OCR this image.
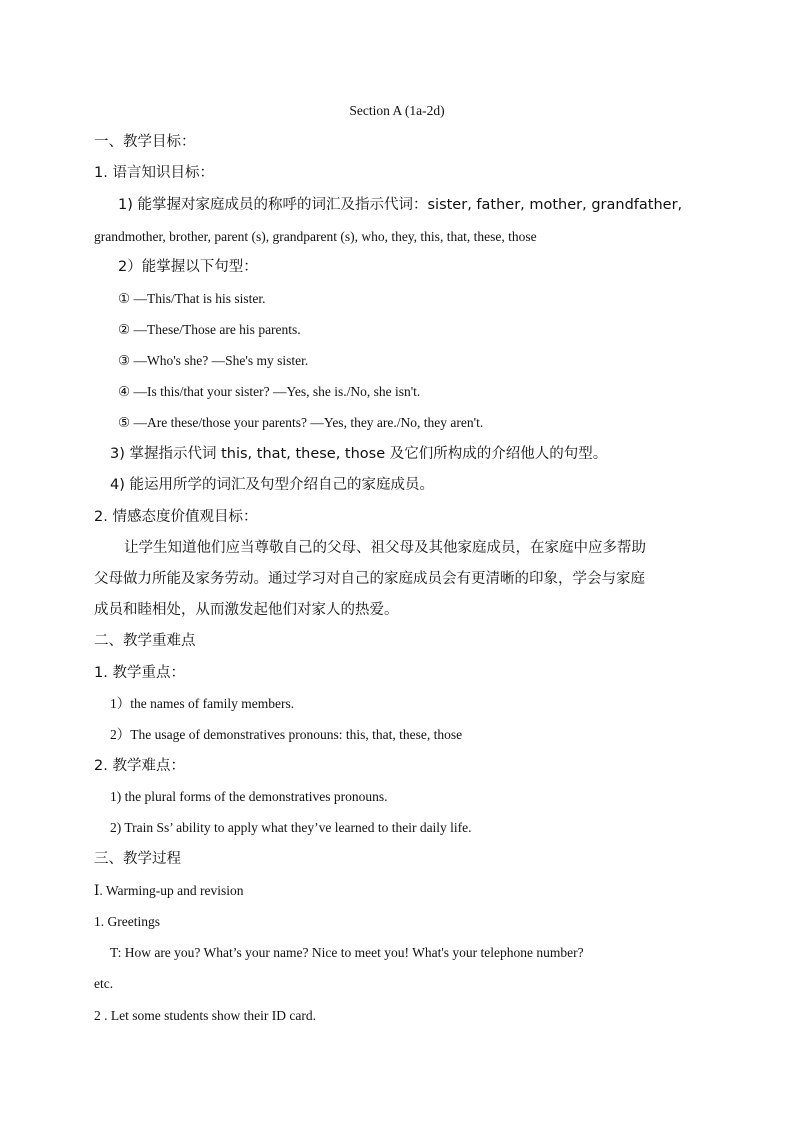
Section A (1a-2d)
一、教学目标：
1. 语言知识目标：
1) 能掌握对家庭成员的称呼的词汇及指示代词：sister, father, mother, grandfather,
grandmother, brother, parent (s), grandparent (s), who, they, this, that, these, those
2）能掌握以下句型：
① —This/That is his sister.
② —These/Those are his parents.
③ —Who's she? —She's my sister.
④ —Is this/that your sister? —Yes, she is./No, she isn't.
⑤ —Are these/those your parents? —Yes, they are./No, they aren't.
3) 掌握指示代词 this, that, these, those 及它们所构成的介绍他人的句型。
4) 能运用所学的词汇及句型介绍自己的家庭成员。
2. 情感态度价值观目标：
让学生知道他们应当尊敬自己的父母、祖父母及其他家庭成员，在家庭中应多帮助
父母做力所能及家务劳动。通过学习对自己的家庭成员会有更清晰的印象，学会与家庭
成员和睦相处，从而激发起他们对家人的热爱。
二、教学重难点
1. 教学重点：
1）the names of family members.
2）The usage of demonstratives pronouns: this, that, these, those
2. 教学难点：
1) the plural forms of the demonstratives pronouns.
2) Train Ss’ ability to apply what they’ve learned to their daily life.
三、教学过程
Ⅰ. Warming-up and revision
1. Greetings
T: How are you? What’s your name? Nice to meet you! What's your telephone number?
etc.
2 . Let some students show their ID card.
